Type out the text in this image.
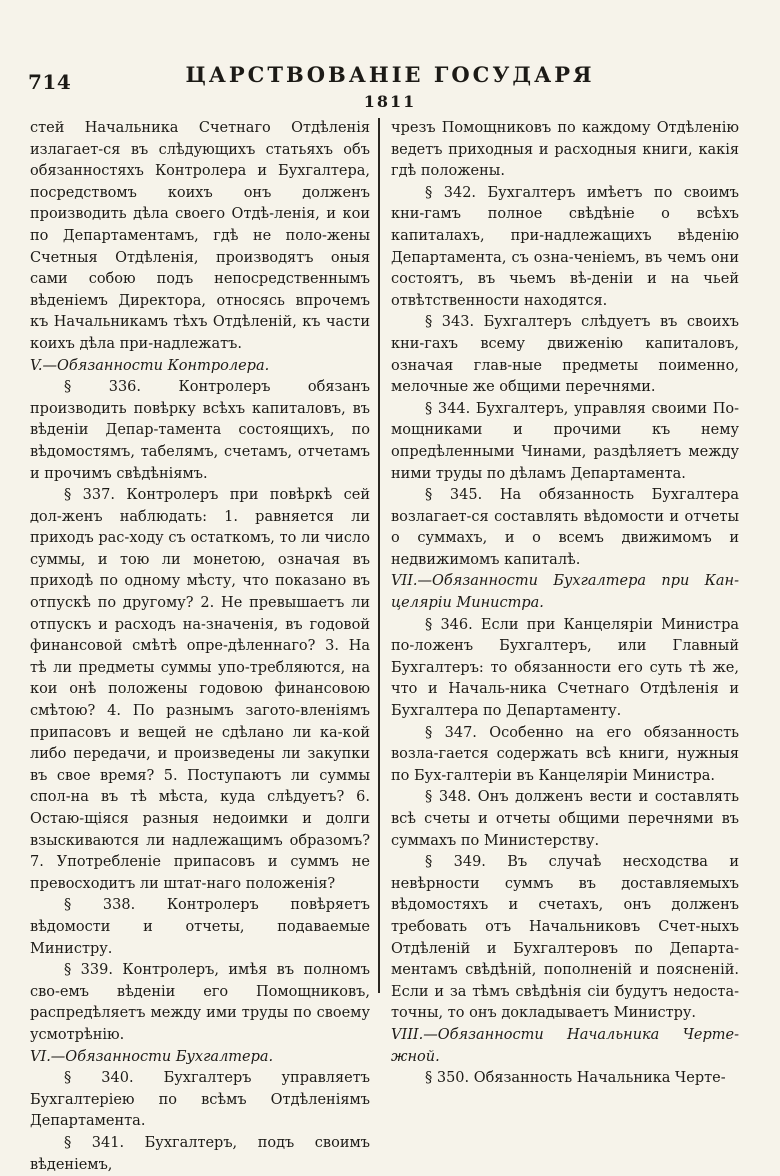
714	ЦАРСТВОВАНІЕ ГОСУДАРЯ
1811

стей Начальника Счетнаго Отдѣленія излагает-ся въ слѣдующихъ статьяхъ объ обязанностяхъ Контролера и Бухгалтера, посредствомъ коихъ онъ долженъ производить дѣла своего Отдѣ-ленія, и кои по Департаментамъ, гдѣ не поло-жены Счетныя Отдѣленія, производятъ оныя сами собою подъ непосредственнымъ вѣденіемъ Директора, относясь впрочемъ къ Начальникамъ тѣхъ Отдѣленій, къ части коихъ дѣла при-надлежатъ.

V.—Обязанности Контролера.

§ 336. Контролеръ обязанъ производить повѣрку всѣхъ капиталовъ, въ вѣденіи Депар-тамента состоящихъ, по вѣдомостямъ, табелямъ, счетамъ, отчетамъ и прочимъ свѣдѣніямъ.

§ 337. Контролеръ при повѣркѣ сей дол-женъ наблюдать: 1. равняется ли приходъ рас-ходу съ остаткомъ, то ли число суммы, и тою ли монетою, означая въ приходѣ по одному мѣсту, что показано въ отпускѣ по другому? 2. Не превышаетъ ли отпускъ и расходъ на-значенія, въ годовой финансовой смѣтѣ опре-дѣленнаго? 3. На тѣ ли предметы суммы упо-требляются, на кои онѣ положены годовою финансовою смѣтою? 4. По разнымъ загото-вленіямъ припасовъ и вещей не сдѣлано ли ка-кой либо передачи, и произведены ли закупки въ свое время? 5. Поступаютъ ли суммы спол-на въ тѣ мѣста, куда слѣдуетъ? 6. Остаю-щіяся разныя недоимки и долги взыскиваются ли надлежащимъ образомъ? 7. Употребленіе припасовъ и суммъ не превосходитъ ли штат-наго положенія?

§ 338. Контролеръ повѣряетъ вѣдомости и отчеты, подаваемые Министру.

§ 339. Контролеръ, имѣя въ полномъ сво-емъ вѣденіи его Помощниковъ, распредѣляетъ между ими труды по своему усмотрѣнію.

VI.—Обязанности Бухгалтера.

§ 340. Бухгалтеръ управляетъ Бухгалтеріею по всѣмъ Отдѣленіямъ Департамента.

§ 341. Бухгалтеръ, подъ своимъ вѣденіемъ,

чрезъ Помощниковъ по каждому Отдѣленію ведетъ приходныя и расходныя книги, какія гдѣ положены.

§ 342. Бухгалтеръ имѣетъ по своимъ кни-гамъ полное свѣдѣніе о всѣхъ капиталахъ, при-надлежащихъ вѣденію Департамента, съ озна-ченіемъ, въ чемъ они состоятъ, въ чьемъ вѣ-деніи и на чьей отвѣтственности находятся.

§ 343. Бухгалтеръ слѣдуетъ въ своихъ кни-гахъ всему движенію капиталовъ, означая глав-ные предметы поименно, мелочные же общими перечнями.

§ 344. Бухгалтеръ, управляя своими По-мощниками и прочими къ нему опредѣленными Чинами, раздѣляетъ между ними труды по дѣламъ Департамента.

§ 345. На обязанность Бухгалтера возлагает-ся составлять вѣдомости и отчеты о суммахъ, и о всемъ движимомъ и недвижимомъ капиталѣ.

VII.—Обязанности Бухгалтера при Кан-целяріи Министра.

§ 346. Если при Канцеляріи Министра по-ложенъ Бухгалтеръ, или Главный Бухгалтеръ: то обязанности его суть тѣ же, что и Началь-ника Счетнаго Отдѣленія и Бухгалтера по Департаменту.

§ 347. Особенно на его обязанность возла-гается содержать всѣ книги, нужныя по Бух-галтеріи въ Канцеляріи Министра.

§ 348. Онъ долженъ вести и составлять всѣ счеты и отчеты общими перечнями въ суммахъ по Министерству.

§ 349. Въ случаѣ несходства и невѣрности суммъ въ доставляемыхъ вѣдомостяхъ и счетахъ, онъ долженъ требовать отъ Начальниковъ Счет-ныхъ Отдѣленій и Бухгалтеровъ по Департа-ментамъ свѣдѣній, пополненій и поясненій. Если и за тѣмъ свѣдѣнія сіи будутъ недоста-точны, то онъ докладываетъ Министру.

VIII.—Обязанности Начальника Черте-жной.

§ 350. Обязанность Начальника Черте-

​
